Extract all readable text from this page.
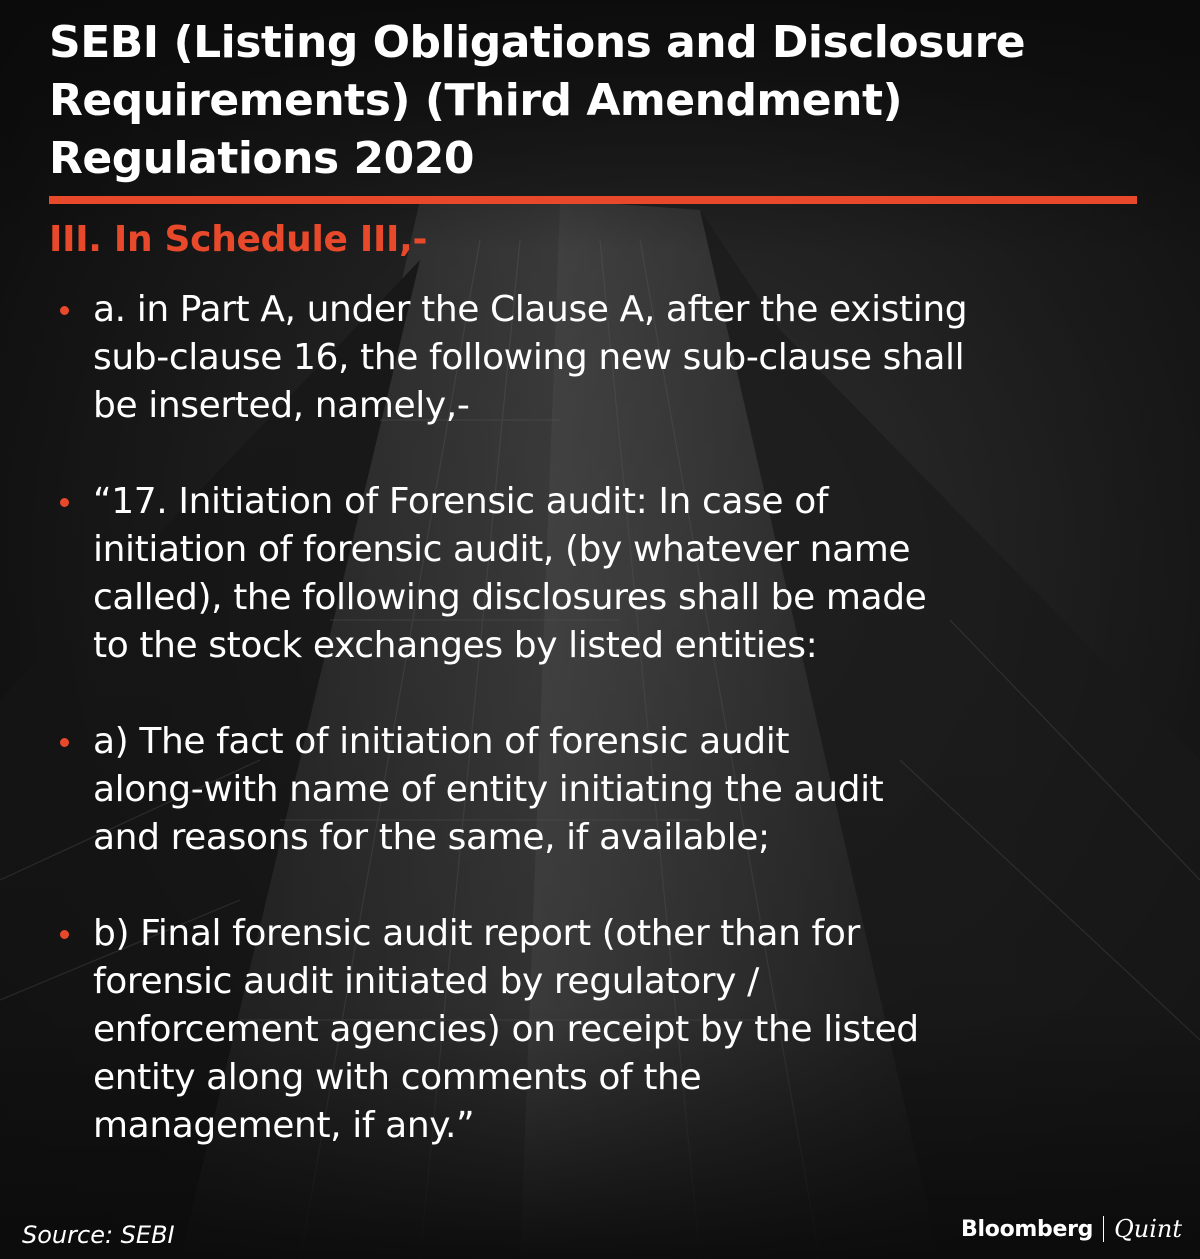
SEBI (Listing Obligations and Disclosure
Requirements) (Third Amendment)
Regulations 2020
III. In Schedule III,-
a. in Part A, under the Clause A, after the existing
sub-clause 16, the following new sub-clause shall
be inserted, namely,-
“17. Initiation of Forensic audit: In case of
initiation of forensic audit, (by whatever name
called), the following disclosures shall be made
to the stock exchanges by listed entities:
a) The fact of initiation of forensic audit
along-with name of entity initiating the audit
and reasons for the same, if available;
b) Final forensic audit report (other than for
forensic audit initiated by regulatory /
enforcement agencies) on receipt by the listed
entity along with comments of the
management, if any.”
Source: SEBI	Bloomberg Quint
